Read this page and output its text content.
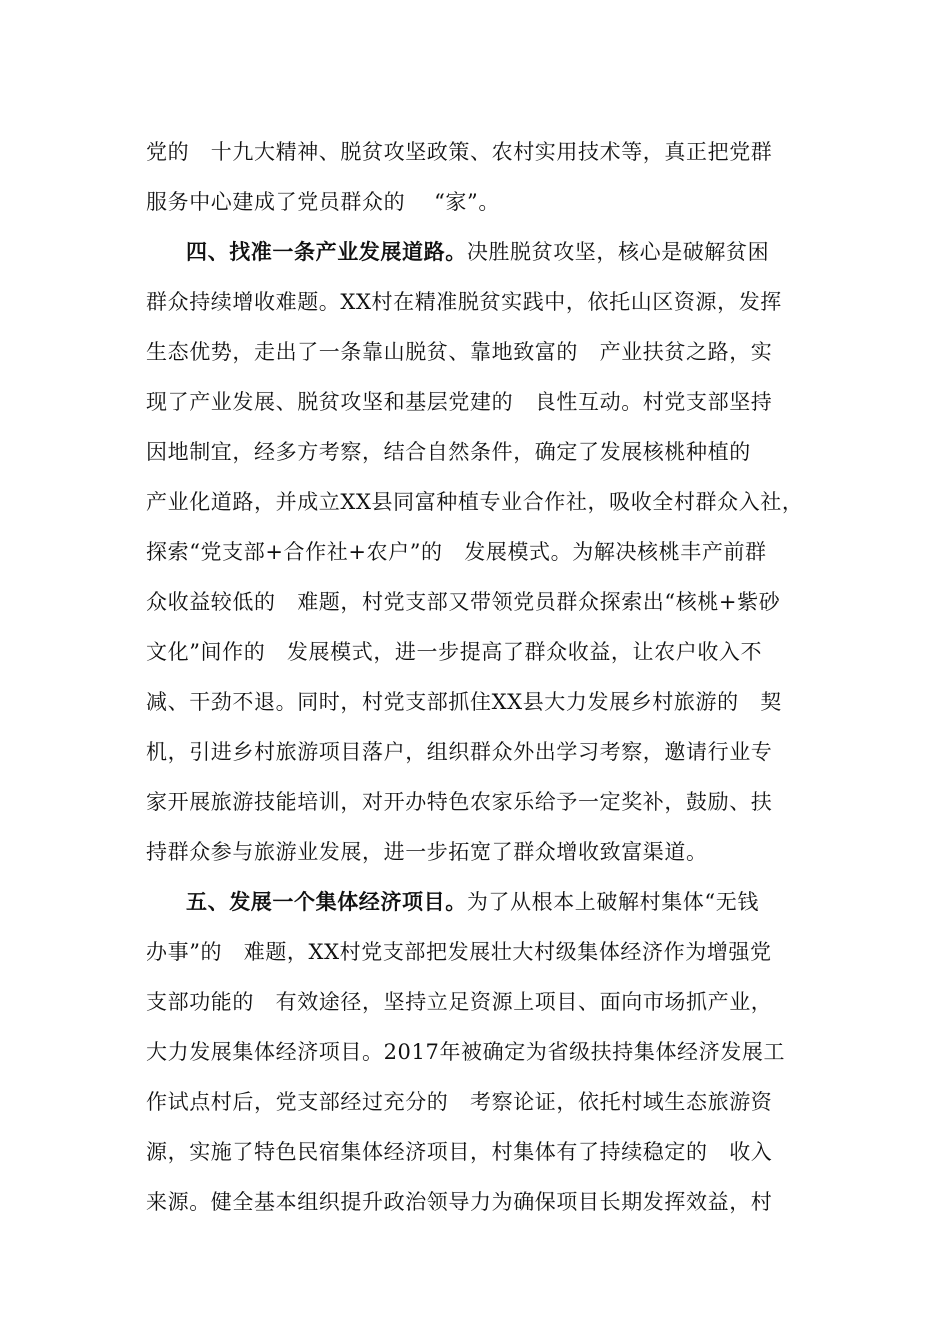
党的　十九大精神、脱贫攻坚政策、农村实用技术等，真正把党群
服务中心建成了党员群众的　 “家”。
四、找准一条产业发展道路。决胜脱贫攻坚，核心是破解贫困
群众持续增收难题。XX村在精准脱贫实践中，依托山区资源，发挥
生态优势，走出了一条靠山脱贫、靠地致富的　产业扶贫之路，实
现了产业发展、脱贫攻坚和基层党建的　良性互动。村党支部坚持
因地制宜，经多方考察，结合自然条件，确定了发展核桃种植的
产业化道路，并成立XX县同富种植专业合作社，吸收全村群众入社，
探索“党支部+合作社+农户”的　发展模式。为解决核桃丰产前群
众收益较低的　难题，村党支部又带领党员群众探索出“核桃+紫砂
文化”间作的　发展模式，进一步提高了群众收益，让农户收入不
减、干劲不退。同时，村党支部抓住XX县大力发展乡村旅游的　契
机，引进乡村旅游项目落户，组织群众外出学习考察，邀请行业专
家开展旅游技能培训，对开办特色农家乐给予一定奖补，鼓励、扶
持群众参与旅游业发展，进一步拓宽了群众增收致富渠道。
五、发展一个集体经济项目。为了从根本上破解村集体“无钱
办事”的　难题，XX村党支部把发展壮大村级集体经济作为增强党
支部功能的　有效途径，坚持立足资源上项目、面向市场抓产业，
大力发展集体经济项目。2017年被确定为省级扶持集体经济发展工
作试点村后，党支部经过充分的　考察论证，依托村域生态旅游资
源，实施了特色民宿集体经济项目，村集体有了持续稳定的　收入
来源。健全基本组织提升政治领导力为确保项目长期发挥效益，村
